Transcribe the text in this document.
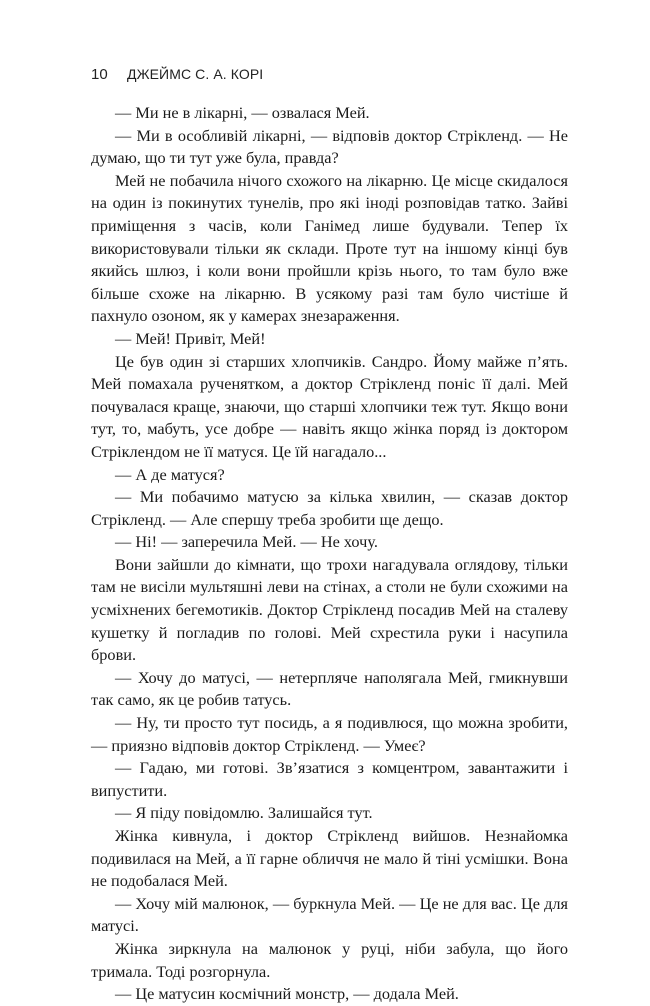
10 ДЖЕЙМС С. А. КОРІ

— Ми не в лікарні, — озвалася Мей.

— Ми в особливій лікарні, — відповів доктор Стрікленд. — Не думаю, що ти тут уже була, правда?

Мей не побачила нічого схожого на лікарню. Це місце скидалося на один із покинутих тунелів, про які іноді розповідав татко. Зайві приміщення з часів, коли Ганімед лише будували. Тепер їх використовували тільки як склади. Проте тут на іншому кінці був якийсь шлюз, і коли вони пройшли крізь нього, то там було вже більше схоже на лікарню. В усякому разі там було чистіше й пахнуло озоном, як у камерах знезараження.

— Мей! Привіт, Мей!

Це був один зі старших хлопчиків. Сандро. Йому майже п’ять. Мей помахала рученятком, а доктор Стрікленд поніс її далі. Мей почувалася краще, знаючи, що старші хлопчики теж тут. Якщо вони тут, то, мабуть, усе добре — навіть якщо жінка поряд із доктором Стріклендом не її матуся. Це їй нагадало...

— А де матуся?

— Ми побачимо матусю за кілька хвилин, — сказав доктор Стрікленд. — Але спершу треба зробити ще дещо.

— Ні! — заперечила Мей. — Не хочу.

Вони зайшли до кімнати, що трохи нагадувала оглядову, тільки там не висіли мультяшні леви на стінах, а столи не були схожими на усміхнених бегемотиків. Доктор Стрікленд посадив Мей на сталеву кушетку й погладив по голові. Мей схрестила руки і насупила брови.

— Хочу до матусі, — нетерпляче наполягала Мей, гмикнувши так само, як це робив татусь.

— Ну, ти просто тут посидь, а я подивлюся, що можна зробити, — приязно відповів доктор Стрікленд. — Умеє?

— Гадаю, ми готові. Зв’язатися з комцентром, завантажити і випустити.

— Я піду повідомлю. Залишайся тут.

Жінка кивнула, і доктор Стрікленд вийшов. Незнайомка подивилася на Мей, а її гарне обличчя не мало й тіні усмішки. Вона не подобалася Мей.

— Хочу мій малюнок, — буркнула Мей. — Це не для вас. Це для матусі.

Жінка зиркнула на малюнок у руці, ніби забула, що його тримала. Тоді розгорнула.

— Це матусин космічний монстр, — додала Мей.
